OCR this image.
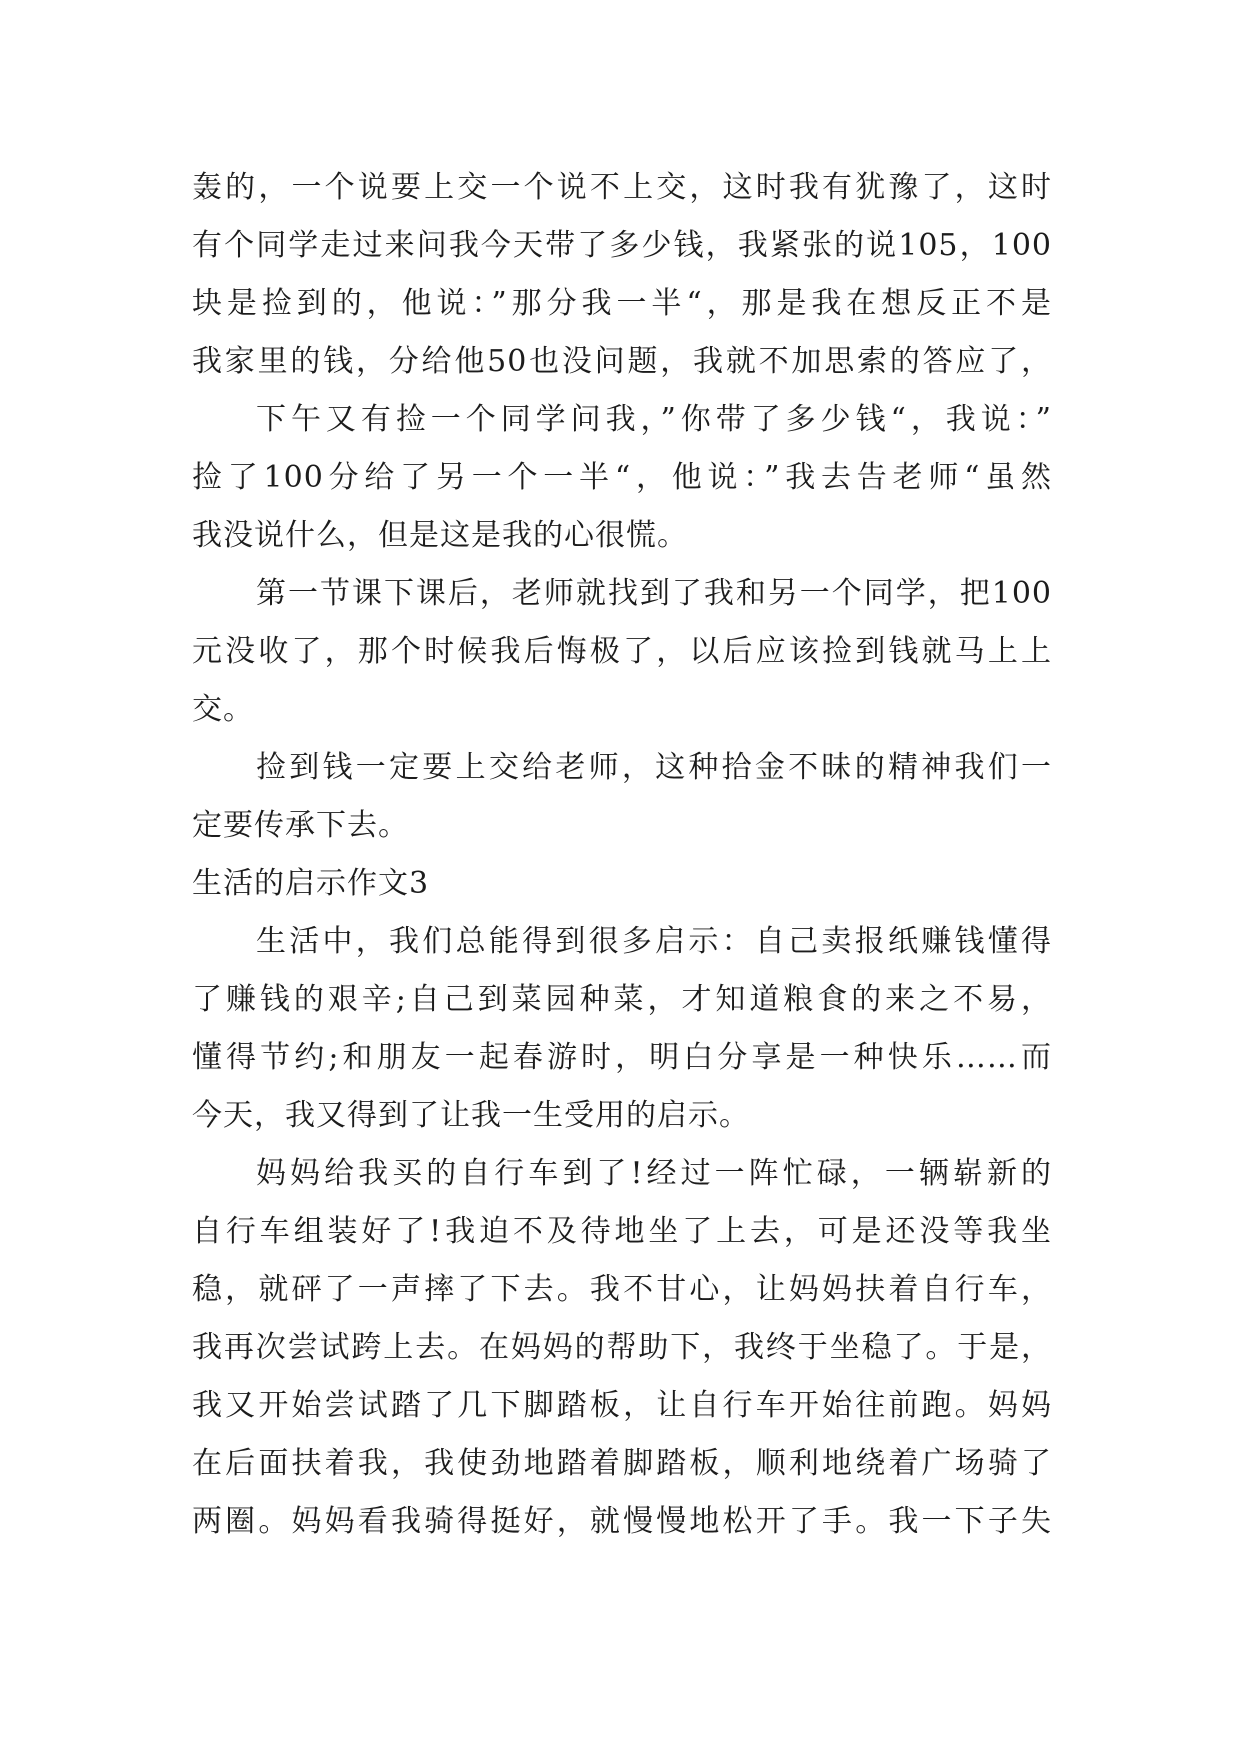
轰的，一个说要上交一个说不上交，这时我有犹豫了，这时
有个同学走过来问我今天带了多少钱，我紧张的说105，100
块是捡到的，他说：”那分我一半“，那是我在想反正不是
我家里的钱，分给他50也没问题，我就不加思索的答应了，
下午又有捡一个同学问我，”你带了多少钱“，我说：”
捡了100分给了另一个一半“，他说：”我去告老师“虽然
我没说什么，但是这是我的心很慌。
第一节课下课后，老师就找到了我和另一个同学，把100
元没收了，那个时候我后悔极了，以后应该捡到钱就马上上
交。
捡到钱一定要上交给老师，这种拾金不昧的精神我们一
定要传承下去。
生活的启示作文3
生活中，我们总能得到很多启示：自己卖报纸赚钱懂得
了赚钱的艰辛;自己到菜园种菜，才知道粮食的来之不易，
懂得节约;和朋友一起春游时，明白分享是一种快乐……而
今天，我又得到了让我一生受用的启示。
妈妈给我买的自行车到了!经过一阵忙碌，一辆崭新的
自行车组装好了!我迫不及待地坐了上去，可是还没等我坐
稳，就砰了一声摔了下去。我不甘心，让妈妈扶着自行车，
我再次尝试跨上去。在妈妈的帮助下，我终于坐稳了。于是，
我又开始尝试踏了几下脚踏板，让自行车开始往前跑。妈妈
在后面扶着我，我使劲地踏着脚踏板，顺利地绕着广场骑了
两圈。妈妈看我骑得挺好，就慢慢地松开了手。我一下子失
